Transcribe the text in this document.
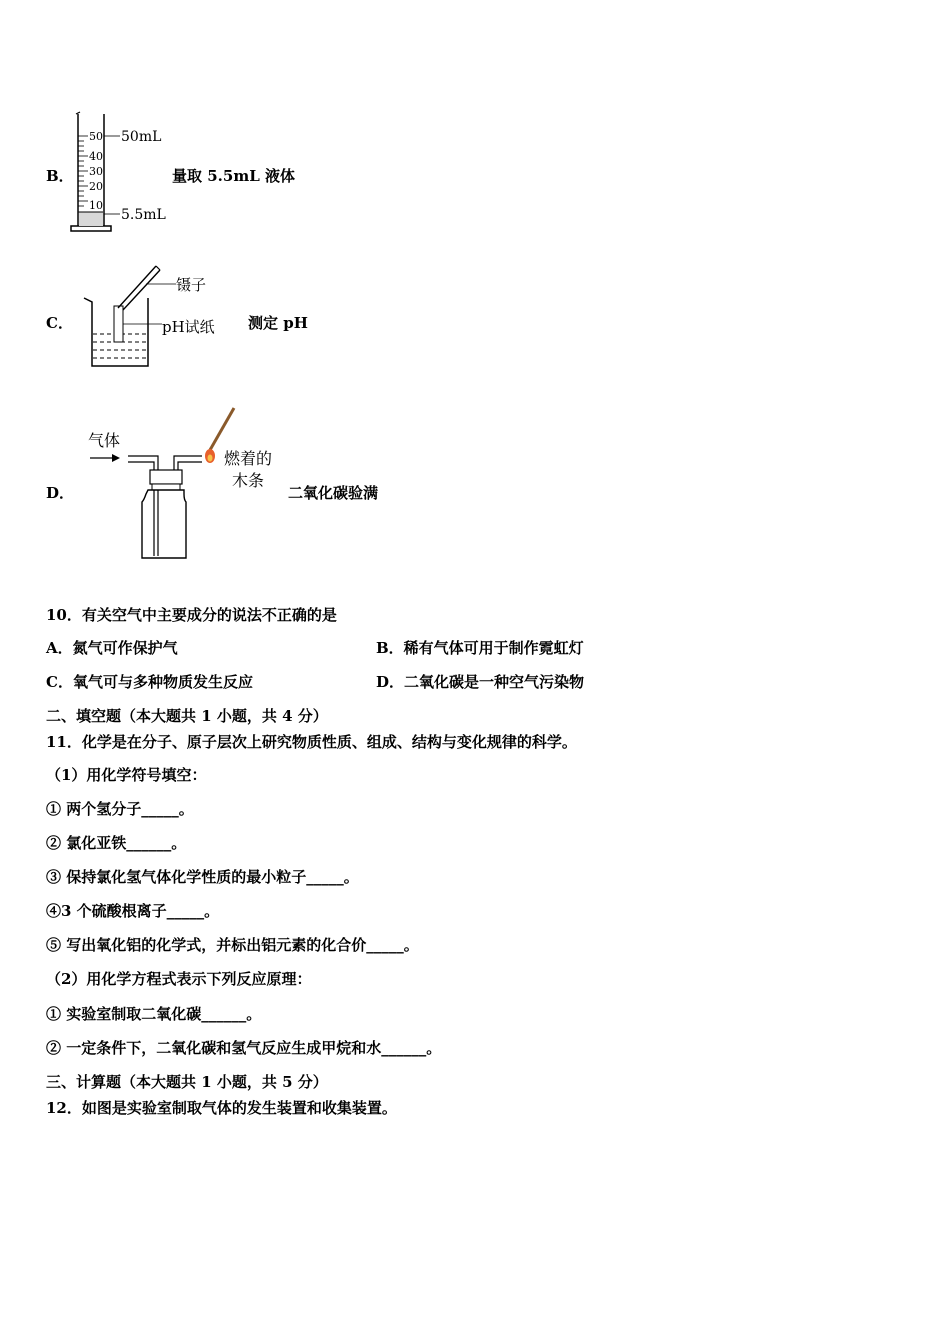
B．
50
40
30
20
10
50mL
5.5mL
量取 5.5mL 液体
C．
镊子
pH试纸 测定 pH
D．
气体
燃着的
木条
二氧化碳验满
10．有关空气中主要成分的说法不正确的是
A．氮气可作保护气	B．稀有气体可用于制作霓虹灯
C．氧气可与多种物质发生反应	D．二氧化碳是一种空气污染物
二、填空题（本大题共 1 小题，共 4 分）
11．化学是在分子、原子层次上研究物质性质、组成、结构与变化规律的科学。
（1）用化学符号填空：
① 两个氢分子_____。
② 氯化亚铁______。
③ 保持氯化氢气体化学性质的最小粒子_____。
④3 个硫酸根离子_____。
⑤ 写出氧化铝的化学式，并标出铝元素的化合价_____。
（2）用化学方程式表示下列反应原理：
① 实验室制取二氧化碳______。
② 一定条件下，二氧化碳和氢气反应生成甲烷和水______。
三、计算题（本大题共 1 小题，共 5 分）
12．如图是实验室制取气体的发生装置和收集装置。
